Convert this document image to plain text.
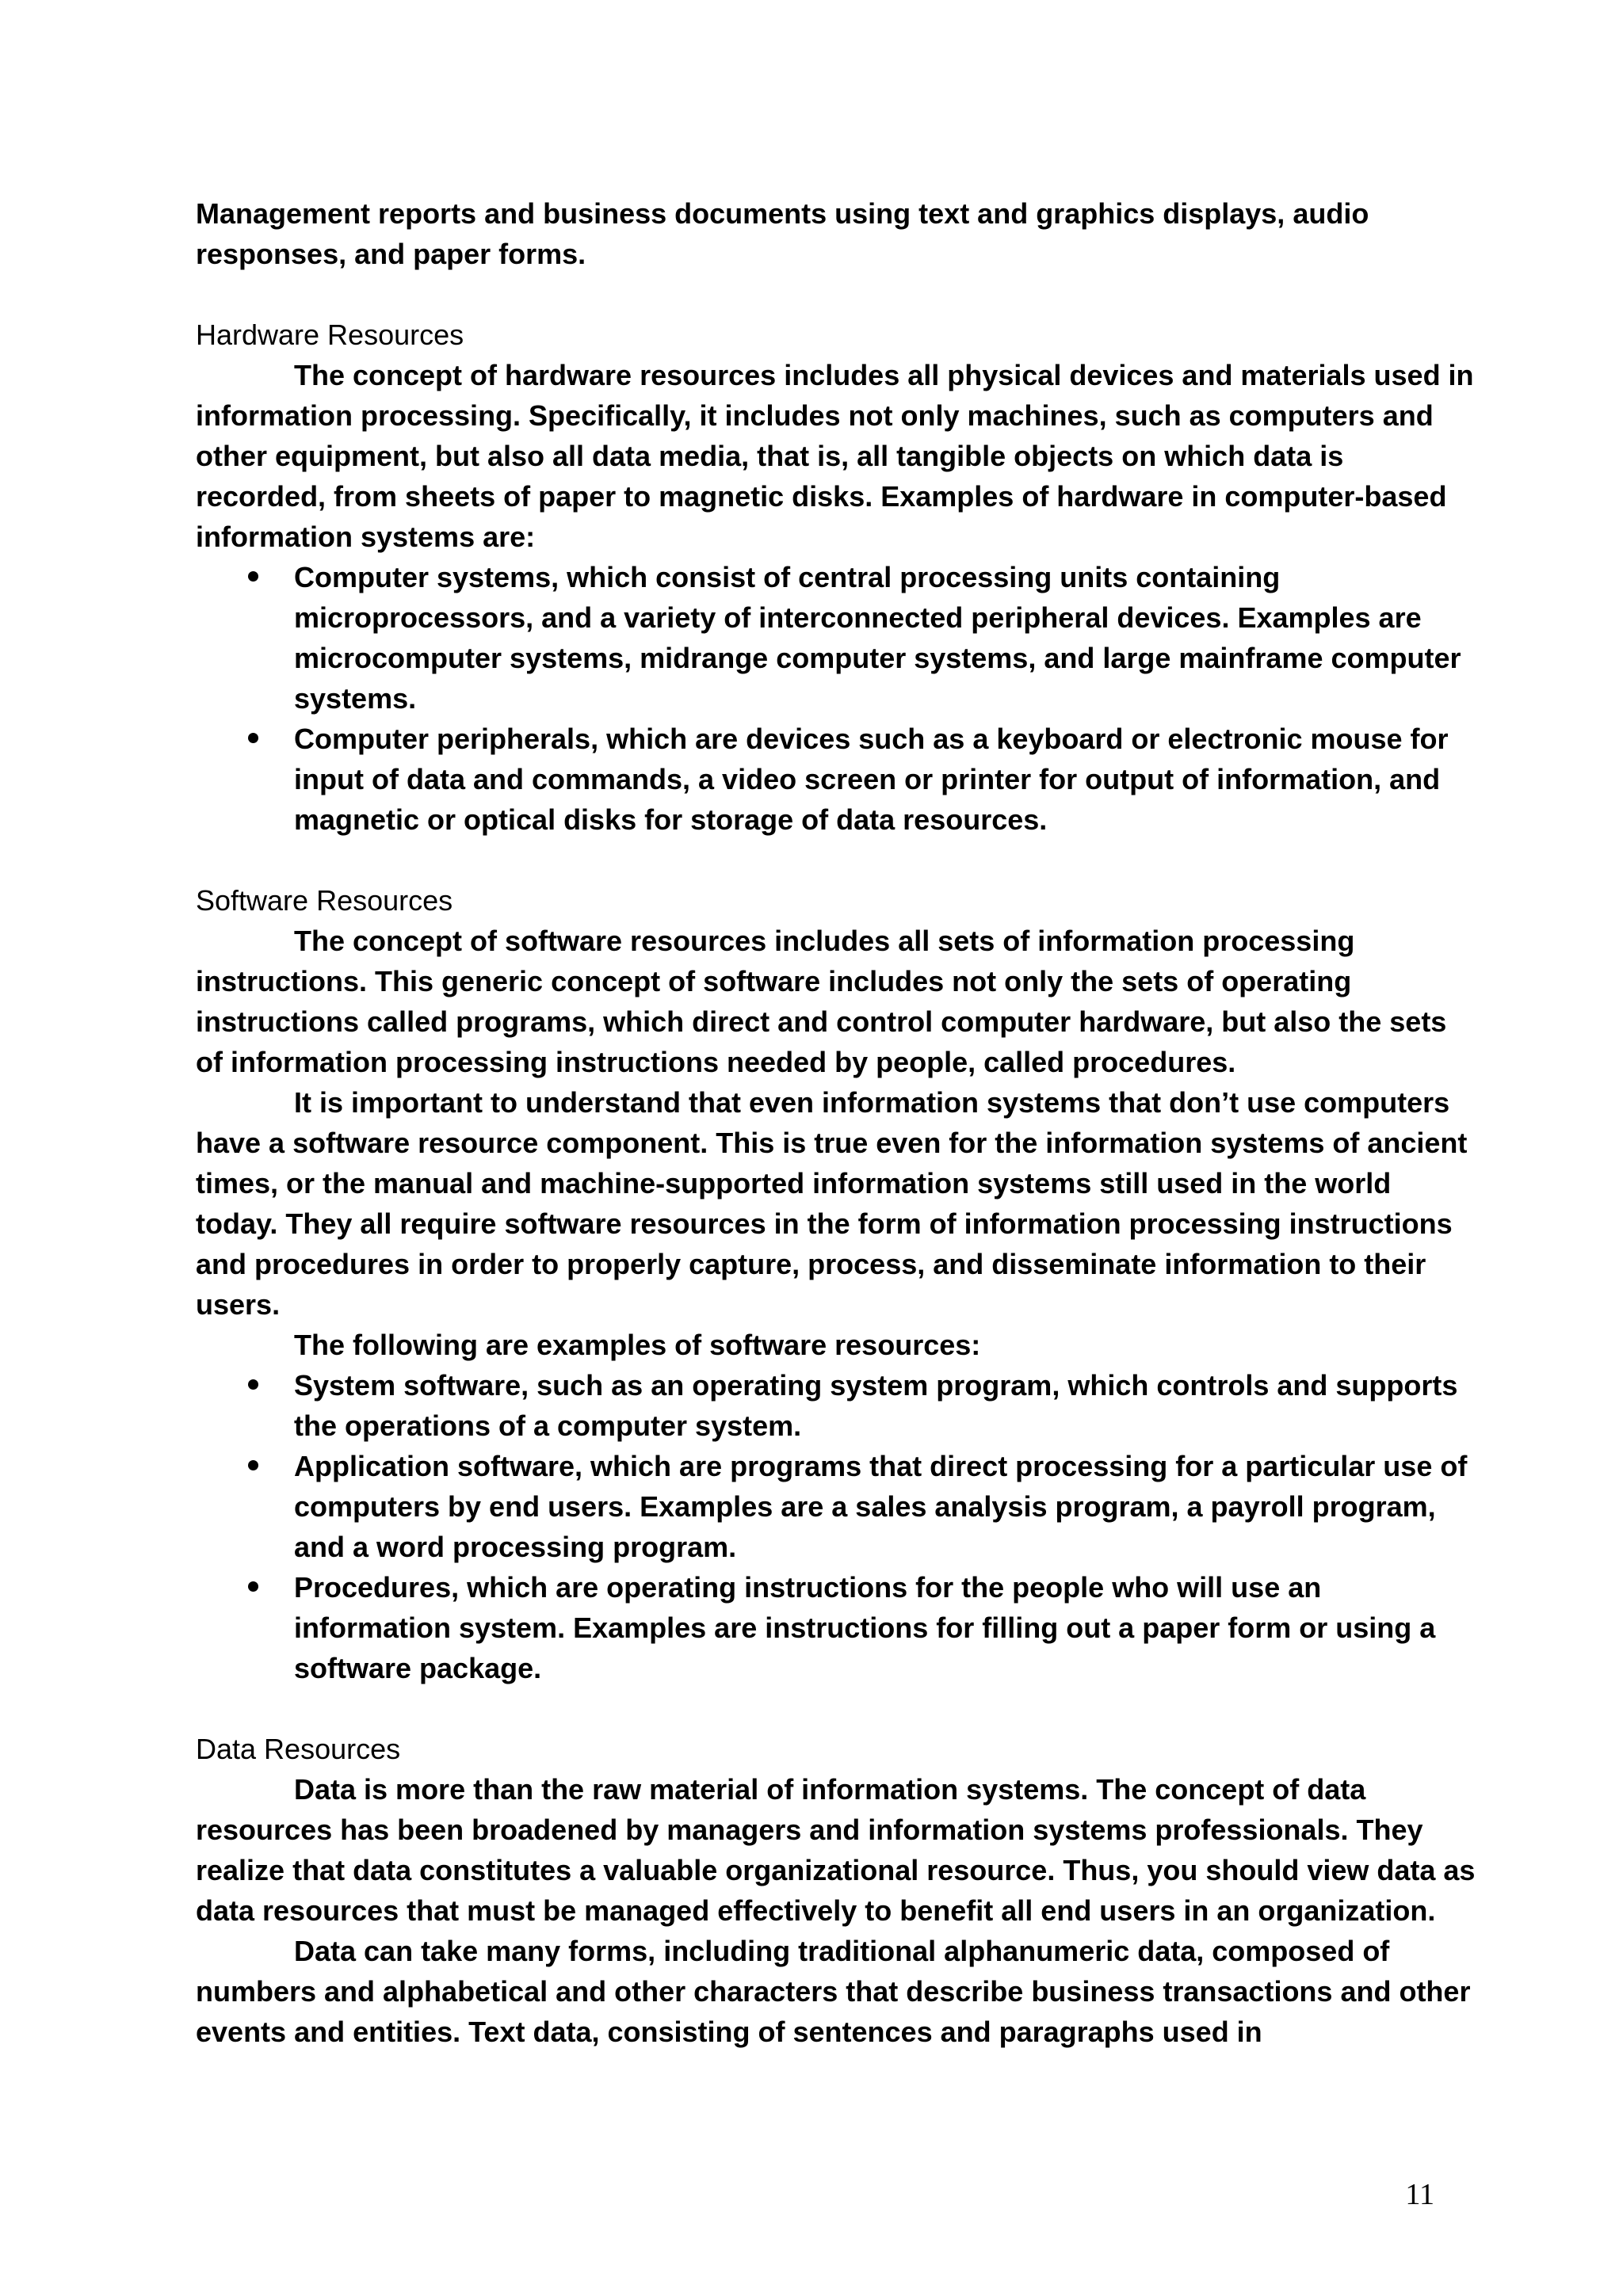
Management reports and business documents using text and graphics displays, audio responses, and paper forms.

Hardware Resources

The concept of hardware resources includes all physical devices and materials used in information processing. Specifically, it includes not only machines, such as computers and other equipment, but also all data media, that is, all tangible objects on which data is recorded, from sheets of paper to magnetic disks. Examples of hardware in computer-based information systems are:

Computer systems, which consist of central processing units containing microprocessors, and a variety of interconnected peripheral devices. Examples are microcomputer systems, midrange computer systems, and large mainframe computer systems.
Computer peripherals, which are devices such as a keyboard or electronic mouse for input of data and commands, a video screen or printer for output of information, and magnetic or optical disks for storage of data resources.

Software Resources

The concept of software resources includes all sets of information processing instructions. This generic concept of software includes not only the sets of operating instructions called programs, which direct and control computer hardware, but also the sets of information processing instructions needed by people, called procedures.

It is important to understand that even information systems that don’t use computers have a software resource component. This is true even for the information systems of ancient times, or the manual and machine-supported information systems still used in the world today. They all require software resources in the form of information processing instructions and procedures in order to properly capture, process, and disseminate information to their users.

The following are examples of software resources:

System software, such as an operating system program, which controls and supports the operations of a computer system.
Application software, which are programs that direct processing for a particular use of computers by end users. Examples are a sales analysis program, a payroll program, and a word processing program.
Procedures, which are operating instructions for the people who will use an information system. Examples are instructions for filling out a paper form or using a software package.

Data Resources

Data is more than the raw material of information systems. The concept of data resources has been broadened by managers and information systems professionals. They realize that data constitutes a valuable organizational resource. Thus, you should view data as data resources that must be managed effectively to benefit all end users in an organization.

Data can take many forms, including traditional alphanumeric data, composed of numbers and alphabetical and other characters that describe business transactions and other events and entities. Text data, consisting of sentences and paragraphs used in

11
